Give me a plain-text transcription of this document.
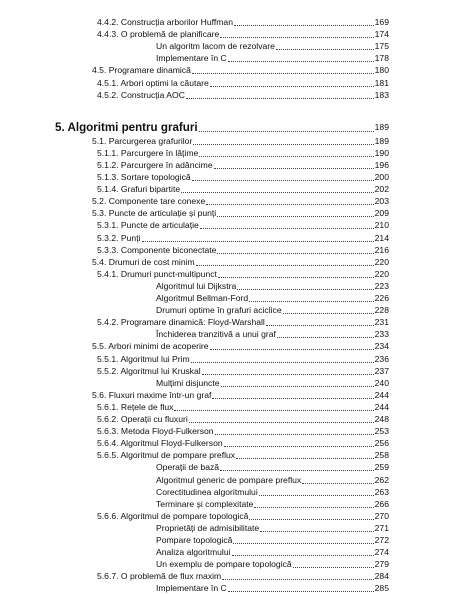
4.4.2. Construcția arborilor Huffman	169
4.4.3. O problemă de planificare	174
Un algoritm lacom de rezolvare	175
Implementare în C	178
4.5. Programare dinamică	180
4.5.1. Arbori optimi la căutare	181
4.5.2. Construcția AOC	183
5. Algoritmi pentru grafuri	189
5.1. Parcurgerea grafurilor	189
5.1.1. Parcurgere în lățime	190
5.1.2. Parcurgere în adâncime	196
5.1.3. Sortare topologică	200
5.1.4. Grafuri bipartite	202
5.2. Componente tare conexe	203
5.3. Puncte de articulație și punți	209
5.3.1. Puncte de articulație	210
5.3.2. Punți	214
5.3.3. Componente biconectate	216
5.4. Drumuri de cost minim	220
5.4.1. Drumuri punct-multipunct	220
Algoritmul lui Dijkstra	223
Algoritmul Bellman-Ford	226
Drumuri optime în grafuri aciclice	228
5.4.2. Programare dinamică: Floyd-Warshall	231
Închiderea tranzitivă a unui graf	233
5.5. Arbori minimi de acoperire	234
5.5.1. Algoritmul lui Prim	236
5.5.2. Algoritmul lui Kruskal	237
Mulțimi disjuncte	240
5.6. Fluxuri maxime într-un graf	244
5.6.1. Rețele de flux	244
5.6.2. Operații cu fluxuri	248
5.6.3. Metoda Floyd-Fulkerson	253
5.6.4. Algoritmul Floyd-Fulkerson	256
5.6.5. Algoritmul de pompare preflux	258
Operații de bază	259
Algoritmul generic de pompare preflux	262
Corectitudinea algoritmului	263
Terminare și complexitate	266
5.6.6. Algoritmul de pompare topologică	270
Proprietăți de admisibilitate	271
Pompare topologică	272
Analiza algoritmului	274
Un exemplu de pompare topologică	279
5.6.7. O problemă de flux maxim	284
Implementare în C	285
